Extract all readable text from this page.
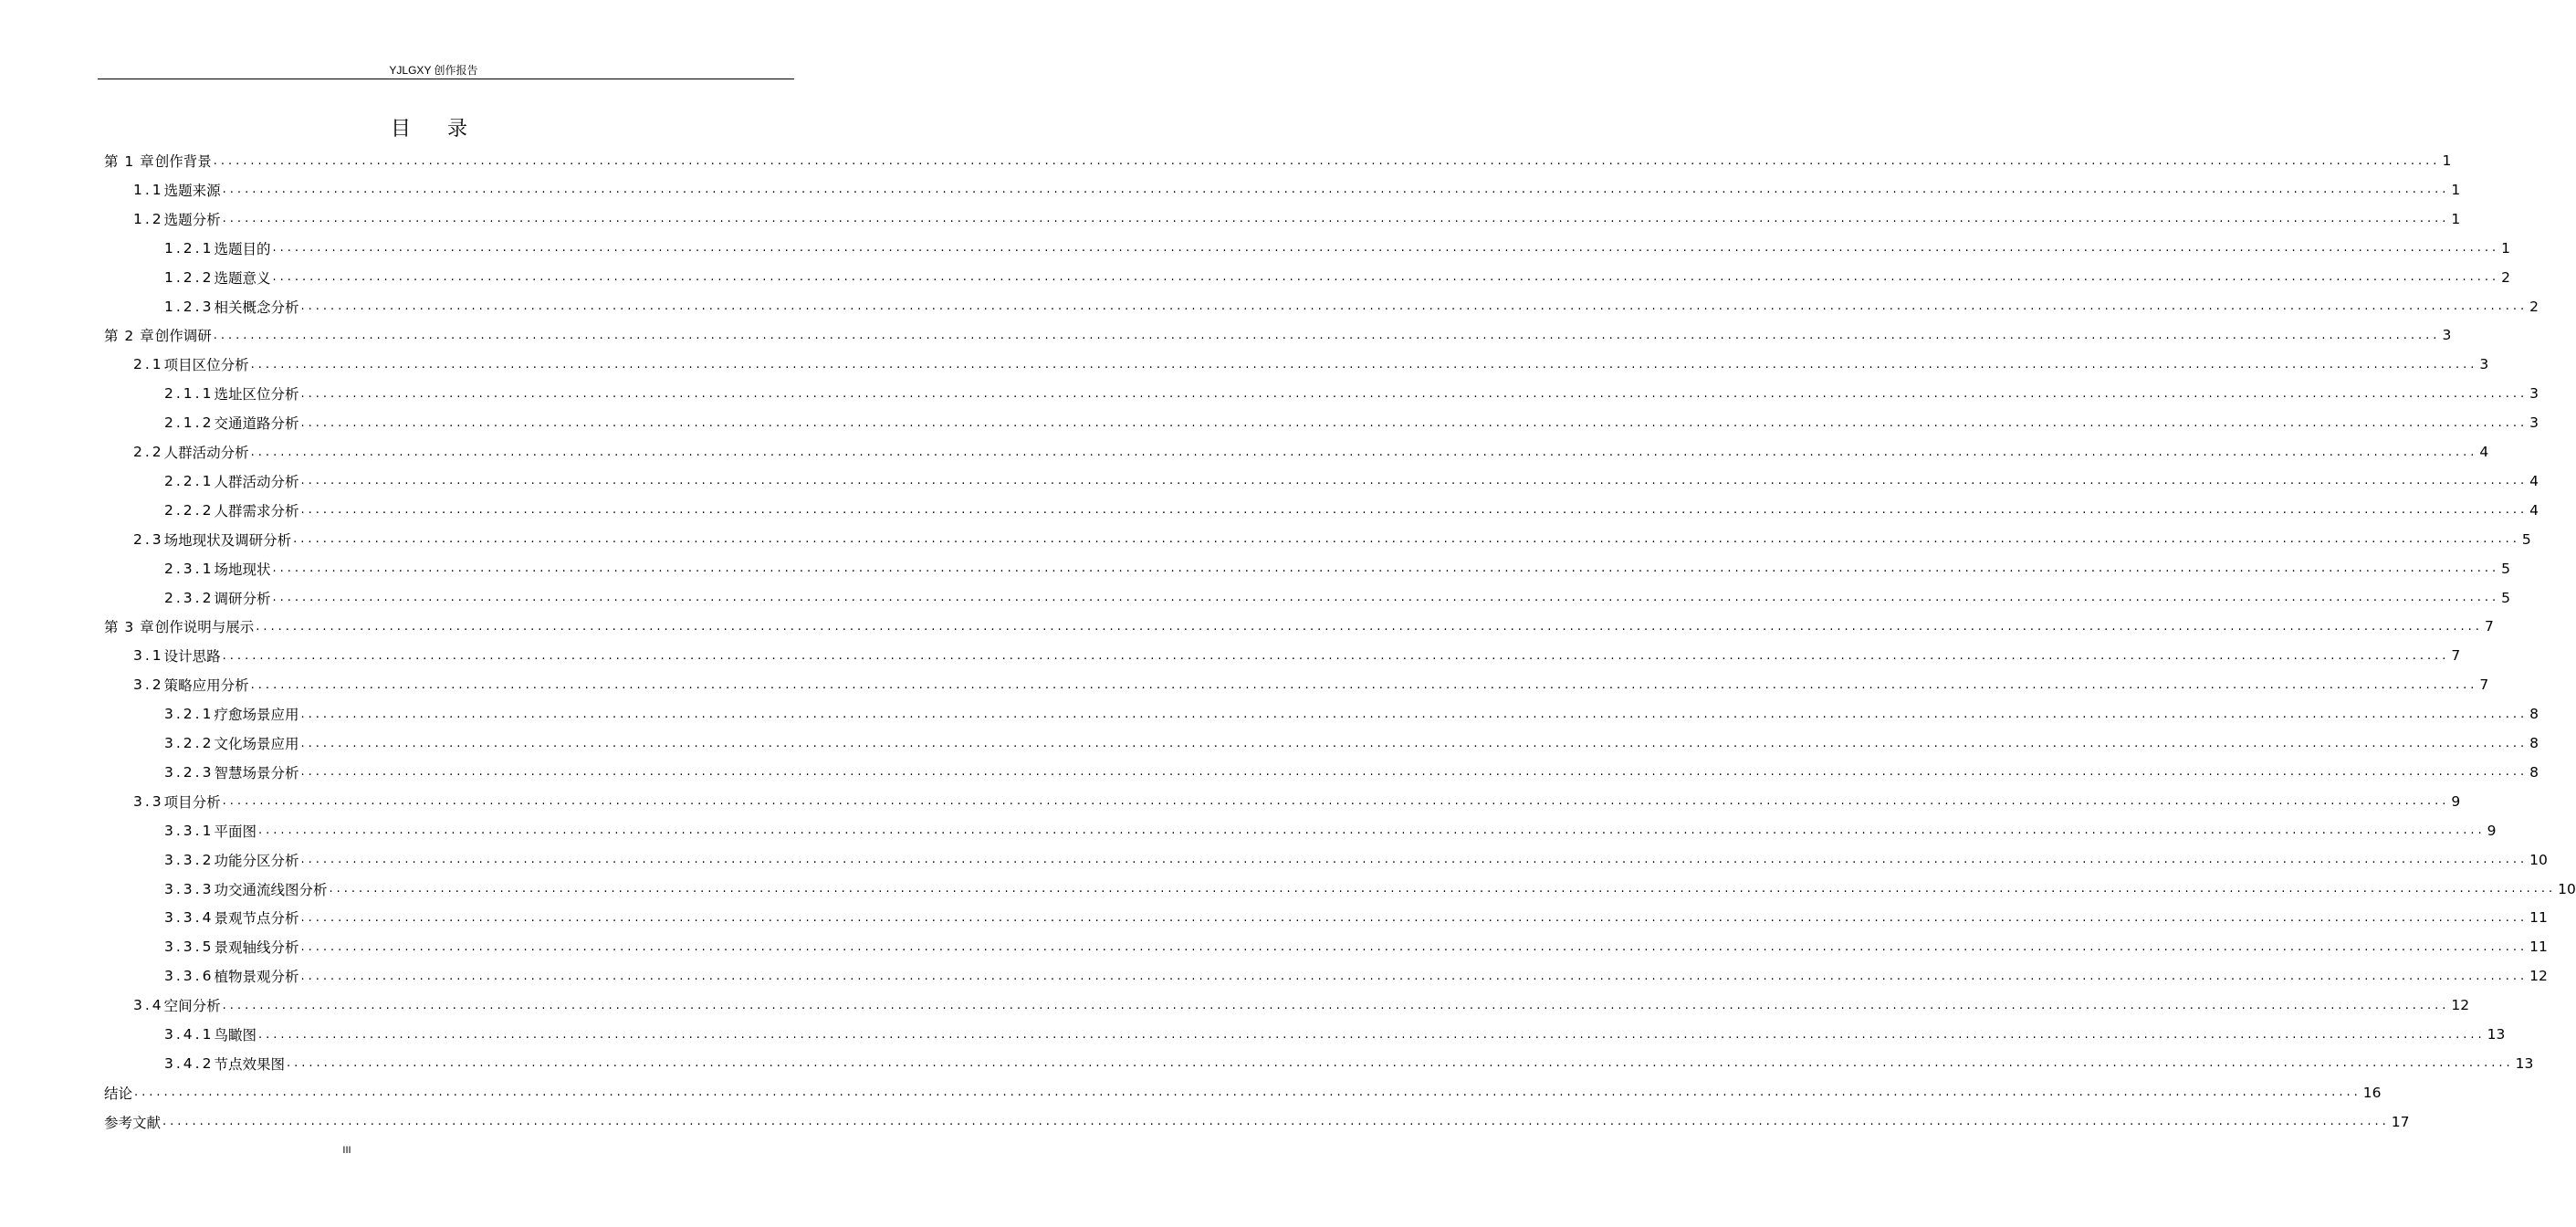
YJLGXY 创作报告
目录
第 1 章 创作背景 ............................................................................................................................................................................................................................................................................................................ 1
1.1 选题来源 ............................................................................................................................................................................................................................................................................................................ 1
1.2 选题分析 ............................................................................................................................................................................................................................................................................................................ 1
1.2.1 选题目的 ............................................................................................................................................................................................................................................................................................................ 1
1.2.2 选题意义 ............................................................................................................................................................................................................................................................................................................ 2
1.2.3 相关概念分析 ............................................................................................................................................................................................................................................................................................................ 2
第 2 章 创作调研 ............................................................................................................................................................................................................................................................................................................ 3
2.1 项目区位分析 ............................................................................................................................................................................................................................................................................................................ 3
2.1.1 选址区位分析 ............................................................................................................................................................................................................................................................................................................ 3
2.1.2 交通道路分析 ............................................................................................................................................................................................................................................................................................................ 3
2.2 人群活动分析 ............................................................................................................................................................................................................................................................................................................ 4
2.2.1 人群活动分析 ............................................................................................................................................................................................................................................................................................................ 4
2.2.2 人群需求分析 ............................................................................................................................................................................................................................................................................................................ 4
2.3 场地现状及调研分析 ............................................................................................................................................................................................................................................................................................................ 5
2.3.1 场地现状 ............................................................................................................................................................................................................................................................................................................ 5
2.3.2 调研分析 ............................................................................................................................................................................................................................................................................................................ 5
第 3 章 创作说明与展示 ............................................................................................................................................................................................................................................................................................................ 7
3.1 设计思路 ............................................................................................................................................................................................................................................................................................................ 7
3.2 策略应用分析 ............................................................................................................................................................................................................................................................................................................ 7
3.2.1 疗愈场景应用 ............................................................................................................................................................................................................................................................................................................ 8
3.2.2 文化场景应用 ............................................................................................................................................................................................................................................................................................................ 8
3.2.3 智慧场景分析 ............................................................................................................................................................................................................................................................................................................ 8
3.3 项目分析 ............................................................................................................................................................................................................................................................................................................ 9
3.3.1 平面图 ............................................................................................................................................................................................................................................................................................................ 9
3.3.2 功能分区分析 ............................................................................................................................................................................................................................................................................................................ 10
3.3.3 功交通流线图分析 ............................................................................................................................................................................................................................................................................................................ 10
3.3.4 景观节点分析 ............................................................................................................................................................................................................................................................................................................ 11
3.3.5 景观轴线分析 ............................................................................................................................................................................................................................................................................................................ 11
3.3.6 植物景观分析 ............................................................................................................................................................................................................................................................................................................ 12
3.4 空间分析 ............................................................................................................................................................................................................................................................................................................ 12
3.4.1 鸟瞰图 ............................................................................................................................................................................................................................................................................................................ 13
3.4.2 节点效果图 ............................................................................................................................................................................................................................................................................................................ 13
结论 ............................................................................................................................................................................................................................................................................................................ 16
参考文献 ............................................................................................................................................................................................................................................................................................................ 17
III
